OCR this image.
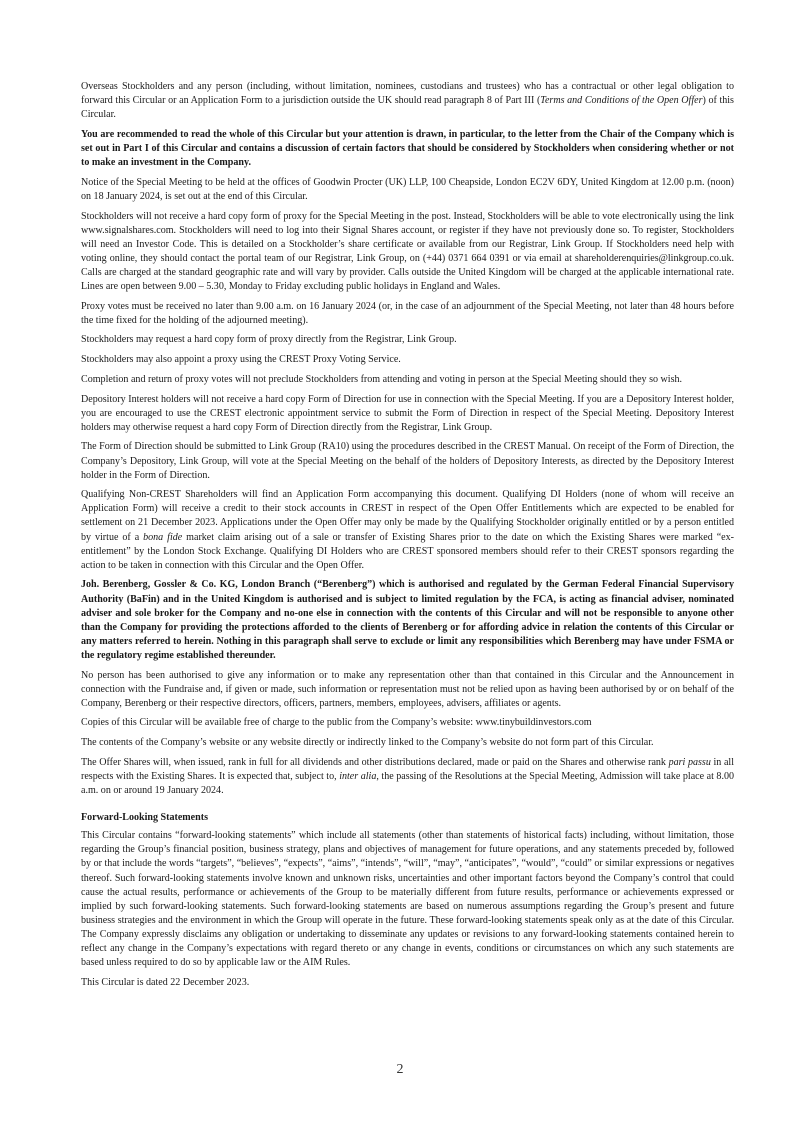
Overseas Stockholders and any person (including, without limitation, nominees, custodians and trustees) who has a contractual or other legal obligation to forward this Circular or an Application Form to a jurisdiction outside the UK should read paragraph 8 of Part III (Terms and Conditions of the Open Offer) of this Circular.

You are recommended to read the whole of this Circular but your attention is drawn, in particular, to the letter from the Chair of the Company which is set out in Part I of this Circular and contains a discussion of certain factors that should be considered by Stockholders when considering whether or not to make an investment in the Company.

Notice of the Special Meeting to be held at the offices of Goodwin Procter (UK) LLP, 100 Cheapside, London EC2V 6DY, United Kingdom at 12.00 p.m. (noon) on 18 January 2024, is set out at the end of this Circular.

Stockholders will not receive a hard copy form of proxy for the Special Meeting in the post. Instead, Stockholders will be able to vote electronically using the link www.signalshares.com. Stockholders will need to log into their Signal Shares account, or register if they have not previously done so. To register, Stockholders will need an Investor Code. This is detailed on a Stockholder’s share certificate or available from our Registrar, Link Group. If Stockholders need help with voting online, they should contact the portal team of our Registrar, Link Group, on (+44) 0371 664 0391 or via email at shareholderenquiries@linkgroup.co.uk. Calls are charged at the standard geographic rate and will vary by provider. Calls outside the United Kingdom will be charged at the applicable international rate. Lines are open between 9.00 – 5.30, Monday to Friday excluding public holidays in England and Wales.

Proxy votes must be received no later than 9.00 a.m. on 16 January 2024 (or, in the case of an adjournment of the Special Meeting, not later than 48 hours before the time fixed for the holding of the adjourned meeting).

Stockholders may request a hard copy form of proxy directly from the Registrar, Link Group.

Stockholders may also appoint a proxy using the CREST Proxy Voting Service.

Completion and return of proxy votes will not preclude Stockholders from attending and voting in person at the Special Meeting should they so wish.

Depository Interest holders will not receive a hard copy Form of Direction for use in connection with the Special Meeting. If you are a Depository Interest holder, you are encouraged to use the CREST electronic appointment service to submit the Form of Direction in respect of the Special Meeting. Depository Interest holders may otherwise request a hard copy Form of Direction directly from the Registrar, Link Group.

The Form of Direction should be submitted to Link Group (RA10) using the procedures described in the CREST Manual. On receipt of the Form of Direction, the Company’s Depository, Link Group, will vote at the Special Meeting on the behalf of the holders of Depository Interests, as directed by the Depository Interest holder in the Form of Direction.

Qualifying Non-CREST Shareholders will find an Application Form accompanying this document. Qualifying DI Holders (none of whom will receive an Application Form) will receive a credit to their stock accounts in CREST in respect of the Open Offer Entitlements which are expected to be enabled for settlement on 21 December 2023. Applications under the Open Offer may only be made by the Qualifying Stockholder originally entitled or by a person entitled by virtue of a bona fide market claim arising out of a sale or transfer of Existing Shares prior to the date on which the Existing Shares were marked “ex-entitlement” by the London Stock Exchange. Qualifying DI Holders who are CREST sponsored members should refer to their CREST sponsors regarding the action to be taken in connection with this Circular and the Open Offer.

Joh. Berenberg, Gossler & Co. KG, London Branch (“Berenberg”) which is authorised and regulated by the German Federal Financial Supervisory Authority (BaFin) and in the United Kingdom is authorised and is subject to limited regulation by the FCA, is acting as financial adviser, nominated adviser and sole broker for the Company and no-one else in connection with the contents of this Circular and will not be responsible to anyone other than the Company for providing the protections afforded to the clients of Berenberg or for affording advice in relation the contents of this Circular or any matters referred to herein. Nothing in this paragraph shall serve to exclude or limit any responsibilities which Berenberg may have under FSMA or the regulatory regime established thereunder.

No person has been authorised to give any information or to make any representation other than that contained in this Circular and the Announcement in connection with the Fundraise and, if given or made, such information or representation must not be relied upon as having been authorised by or on behalf of the Company, Berenberg or their respective directors, officers, partners, members, employees, advisers, affiliates or agents.

Copies of this Circular will be available free of charge to the public from the Company’s website: www.tinybuildinvestors.com

The contents of the Company’s website or any website directly or indirectly linked to the Company’s website do not form part of this Circular.

The Offer Shares will, when issued, rank in full for all dividends and other distributions declared, made or paid on the Shares and otherwise rank pari passu in all respects with the Existing Shares. It is expected that, subject to, inter alia, the passing of the Resolutions at the Special Meeting, Admission will take place at 8.00 a.m. on or around 19 January 2024.

Forward-Looking Statements

This Circular contains “forward-looking statements” which include all statements (other than statements of historical facts) including, without limitation, those regarding the Group’s financial position, business strategy, plans and objectives of management for future operations, and any statements preceded by, followed by or that include the words “targets”, “believes”, “expects”, “aims”, “intends”, “will”, “may”, “anticipates”, “would”, “could” or similar expressions or negatives thereof. Such forward-looking statements involve known and unknown risks, uncertainties and other important factors beyond the Company’s control that could cause the actual results, performance or achievements of the Group to be materially different from future results, performance or achievements expressed or implied by such forward-looking statements. Such forward-looking statements are based on numerous assumptions regarding the Group’s present and future business strategies and the environment in which the Group will operate in the future. These forward-looking statements speak only as at the date of this Circular. The Company expressly disclaims any obligation or undertaking to disseminate any updates or revisions to any forward-looking statements contained herein to reflect any change in the Company’s expectations with regard thereto or any change in events, conditions or circumstances on which any such statements are based unless required to do so by applicable law or the AIM Rules.

This Circular is dated 22 December 2023.

2
